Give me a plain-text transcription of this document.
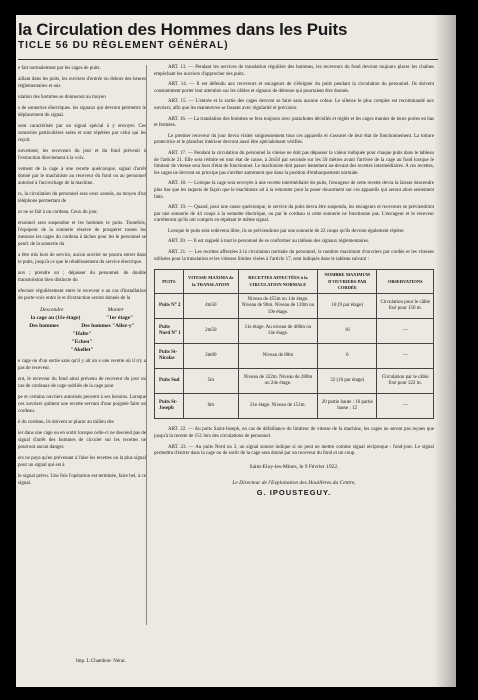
la Circulation des Hommes dans les Puits
TICLE 56 DU RÈGLEMENT GÉNÉRAL)

e fait normalement par les cages de puits.

aillant dans les puits, les ouvriers d'entrée ou dehors des heures réglementaires et aux

ulation des hommes se donneront au moyen

s de sonneries électriques. les signaux qui devront permettre le déplacement du signal.

sont caractérisés par un signal spécial à y envoyer. Ces sonneries particulières ssées et sont répétées par celui qui les reçoit.

ouvement, les receveurs du jour et du fond prévenir à l'extraction directement à la voix.

vement de la cage à une recette quelconque, signal d'arrêt donné par le machiniste au receveur du fond ou au personnel autorisé à l'accrochage de la machine.

rs, la circulation du personnel sera ceux sonnés, au moyen d'un téléphone permettant de

ur ne se fait à un cordeau. Ceux du jour.

ersonnel sera suspendue et les hommes le puits. Toutefois, l'équipeur de la sonnerie réserve de prospérer toutes les mesures les cages du cordeau à tâches pour les le personnel se pend. de la sonnerie du

a être mis hors de service, aucun ouvrier ne pourra entrer dans le puits, jusqu'à ce que le rétablissement du service électrique.

aux ; prendre un ; dépasser du personnel. de double transmission bien distincte du

efectuer régulièrement entre le receveur e au cas d'installation de porte-voix entre le et d'extraction seront donnés de la

Descendre	Monter
la cage au (11e étage)	"1er étage"
Des hommes	Des hommes "Allez-y"
"Halte"
"Echeu"
"Abellet"

e cage ou d'un sortie sans qu'il y ait un e une recette où il n'y a pas de receveur.

ent, le receveur du fond ainsi prévenu de receveur du jour ou cas de cordeaux de cage oubliés de la cage pour

pe et certains ouvriers autorisés peuvent à ses besoins. Lorsque ces ouvriers quittent une recette servant d'une poignée faire un cordeau.

é du cordeau, ils doivent se placer au milieu des

ier dans une cage ou en sortir lorsque celle-ci ne descend pas de signal d'arrêt des hommes de circuler sur les recettes ne pourront aucun danger.

ers ne paya qu'en prévenant à l'aise les recettes ou la plus signal pour un signal qui est à

le signal prévu. Une fois l'opération est terminée, faire bel, à ce signal.

ART. 13. — Pendant les services de translation régulière des hommes, les receveurs du fond devront toujours placer les chaînes empêchant les ouvriers d'approcher des puits.

ART. 14. — Il est défendu aux receveurs et encageurs de s'éloigner du puits pendant la circulation du personnel. Ils doivent constamment porter leur attention sur les câbles et signaux de détresse qui pourraient être donnés.

ART. 15. — L'entrée et la sortie des cages devront se faire sans aucune cohue. Le silence le plus complet est recommandé aux ouvriers, afin que les manœuvres se fassent avec régularité et précision.

ART. 16. — La translation des hommes se fera toujours avec parachutes décollés et réglés et les cages munies de leurs portes en bas et fermées.

Le premier receveur du jour devra visiter soigneusement tous ces appareils et s'assurer de leur état de fonctionnement. La toiture protectrice et le plancher intérieur devront aussi être spécialement vérifiés.

ART. 17. — Pendant la circulation du personnel la vitesse ne doit pas dépasser la valeur indiquée pour chaque puits dans le tableau de l'article 21. Elle sera réduite en tout état de cause, à 2m50 par seconde sur les 50 mètres avant l'arrivée de la cage au fond lorsque le limiteur de vitesse sera hors d'état de fonctionner. Le machiniste doit passer lentement au-devant des recettes intermédiaires. A ces recettes, les cages ne devront en principe pas s'arrêter autrement que dans la position d'embarquement normale.

ART. 18. — Lorsque la cage sera envoyée à une recette intermédiaire du puits, l'encageur de cette recette devra la laisser descendre plus bas que les taquets de façon que le machiniste ait à la remonter pour la poser doucement sur ces appareils qui seront alors seulement faits.

ART. 19. — Quand, pour une cause quelconque, le service du puits devra être suspendu, les encageurs et receveurs se préviendront par une sonnerie de 44 coups à la sonnette électrique, ou par le cordeau si cette sonnerie ne fonctionne pas. L'encageur et le receveur s'arrêteront qu'ils ont compris en répétant le même signal.

Lorsque le puits sera redevenu libre, ils se préviendront par une sonnerie de 22 coups qu'ils devront également répéter.

ART. 20. — Il est rappelé à tout le personnel de se conformer au tableau des signaux réglementaires.

ART. 21. — Les recettes affectées à la circulation normale du personnel, le nombre maximum d'ouvriers par cordée et les vitesses utilisées pour la translation et les vitesses limites visées à l'article 17, sont indiqués dans le tableau suivant :

PUITS	VITESSE MAXIMA de la TRANSLATION	RECETTES AFFECTÉES à la CIRCULATION NORMALE	NOMBRE MAXIMUM D'OUVRIERS PAR CORDÉE	OBSERVATIONS
Puits N° 2	4m50	Niveau de 455m ou 14e étage. Niveau de 96m. Niveau de 120m ou 19e étage.	18 (9 par étage)	Circulation pour le câble fixé pour 150 m.
Puits Nord N° 1	2m50	11e étage. Au niveau de 406m ou 14e étage.	16	—
Puits St-Nicolas	2m00	Niveau de 80m	6	—
Puits Sud	5m	Niveau de 322m. Niveau de 280m ou 24e étage.	32 (16 par étage)	Circulation par le câble fixé pour 322 m.
Puits St-Joseph	6m	21e étage. Niveau de 151m.	20 partie haute : 16 partie basse : 12	—

ART. 22. — Au puits Saint-Joseph, en cas de défaillance du limiteur de vitesse de la machine, les cages ne seront pas reçues que jusqu'à la recette de 151 lors des circulations de personnel.

ART. 23. — Au puits Nord no 2, un signal sonore indique si on peut ne mettre comme signal réciproque : fond-jour. Le signal permettra d'entrer dans la cage ou de sortir de la cage sera donné par un receveur du fond et un coup.

Saint-Eloy-les-Mines, le 9 Février 1922.
Le Directeur de l'Exploitation des Houillères du Centre,
G. IPOUSTEGUY.
Imp. L.Chambon- Nérac.
